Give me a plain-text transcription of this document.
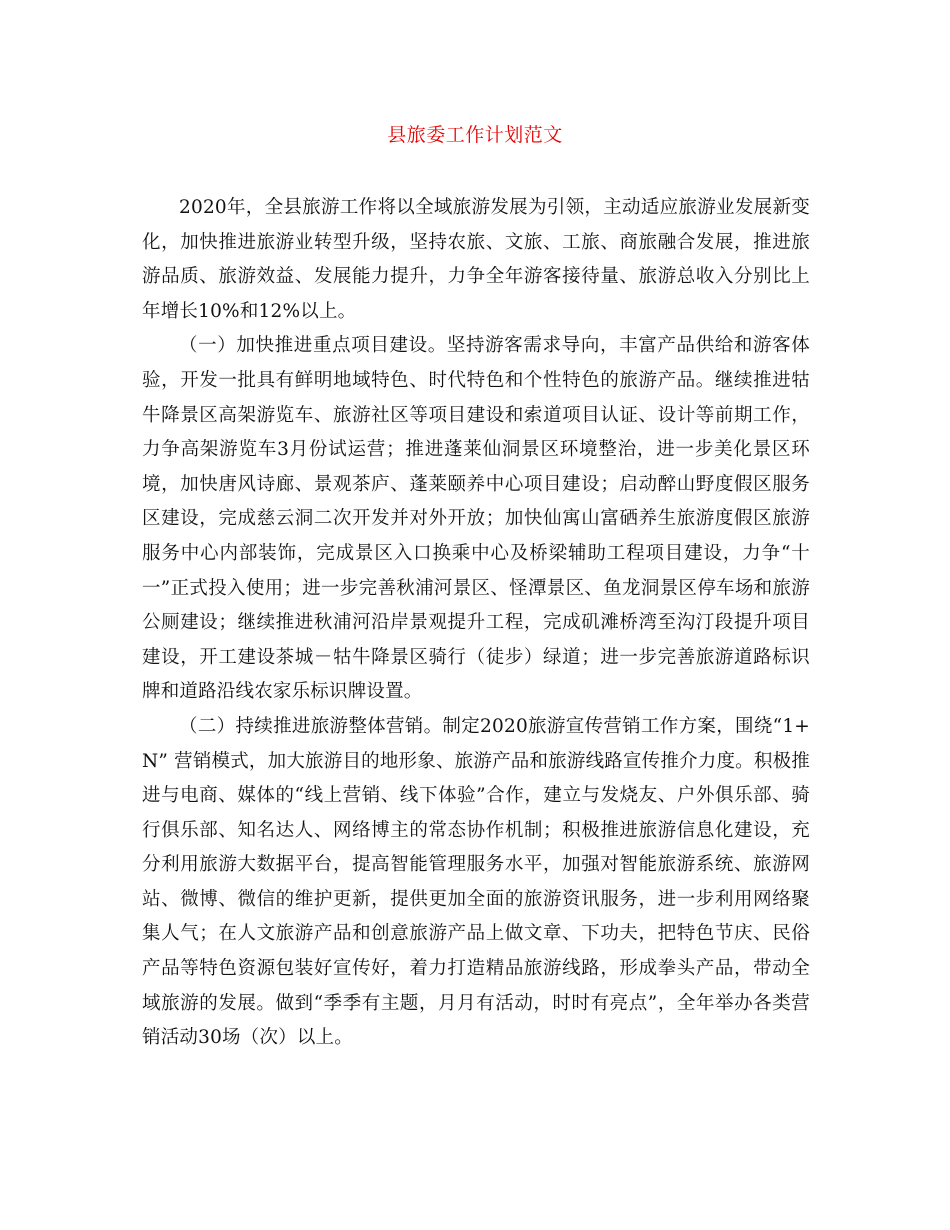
县旅委工作计划范文

2020年，全县旅游工作将以全域旅游发展为引领，主动适应旅游业发展新变化，加快推进旅游业转型升级，坚持农旅、文旅、工旅、商旅融合发展，推进旅游品质、旅游效益、发展能力提升，力争全年游客接待量、旅游总收入分别比上年增长10%和12%以上。

（一）加快推进重点项目建设。坚持游客需求导向，丰富产品供给和游客体验，开发一批具有鲜明地域特色、时代特色和个性特色的旅游产品。继续推进牯牛降景区高架游览车、旅游社区等项目建设和索道项目认证、设计等前期工作，力争高架游览车3月份试运营；推进蓬莱仙洞景区环境整治，进一步美化景区环境，加快唐风诗廊、景观茶庐、蓬莱颐养中心项目建设；启动醉山野度假区服务区建设，完成慈云洞二次开发并对外开放；加快仙寓山富硒养生旅游度假区旅游服务中心内部装饰，完成景区入口换乘中心及桥梁辅助工程项目建设，力争“十一”正式投入使用；进一步完善秋浦河景区、怪潭景区、鱼龙洞景区停车场和旅游公厕建设；继续推进秋浦河沿岸景观提升工程，完成矶滩桥湾至沟汀段提升项目建设，开工建设茶城－牯牛降景区骑行（徒步）绿道；进一步完善旅游道路标识牌和道路沿线农家乐标识牌设置。

（二）持续推进旅游整体营销。制定2020旅游宣传营销工作方案，围绕“1+N” 营销模式，加大旅游目的地形象、旅游产品和旅游线路宣传推介力度。积极推进与电商、媒体的“线上营销、线下体验”合作，建立与发烧友、户外俱乐部、骑行俱乐部、知名达人、网络博主的常态协作机制；积极推进旅游信息化建设，充分利用旅游大数据平台，提高智能管理服务水平，加强对智能旅游系统、旅游网站、微博、微信的维护更新，提供更加全面的旅游资讯服务，进一步利用网络聚集人气；在人文旅游产品和创意旅游产品上做文章、下功夫，把特色节庆、民俗产品等特色资源包装好宣传好，着力打造精品旅游线路，形成拳头产品，带动全域旅游的发展。做到“季季有主题，月月有活动，时时有亮点”，全年举办各类营销活动30场（次）以上。
